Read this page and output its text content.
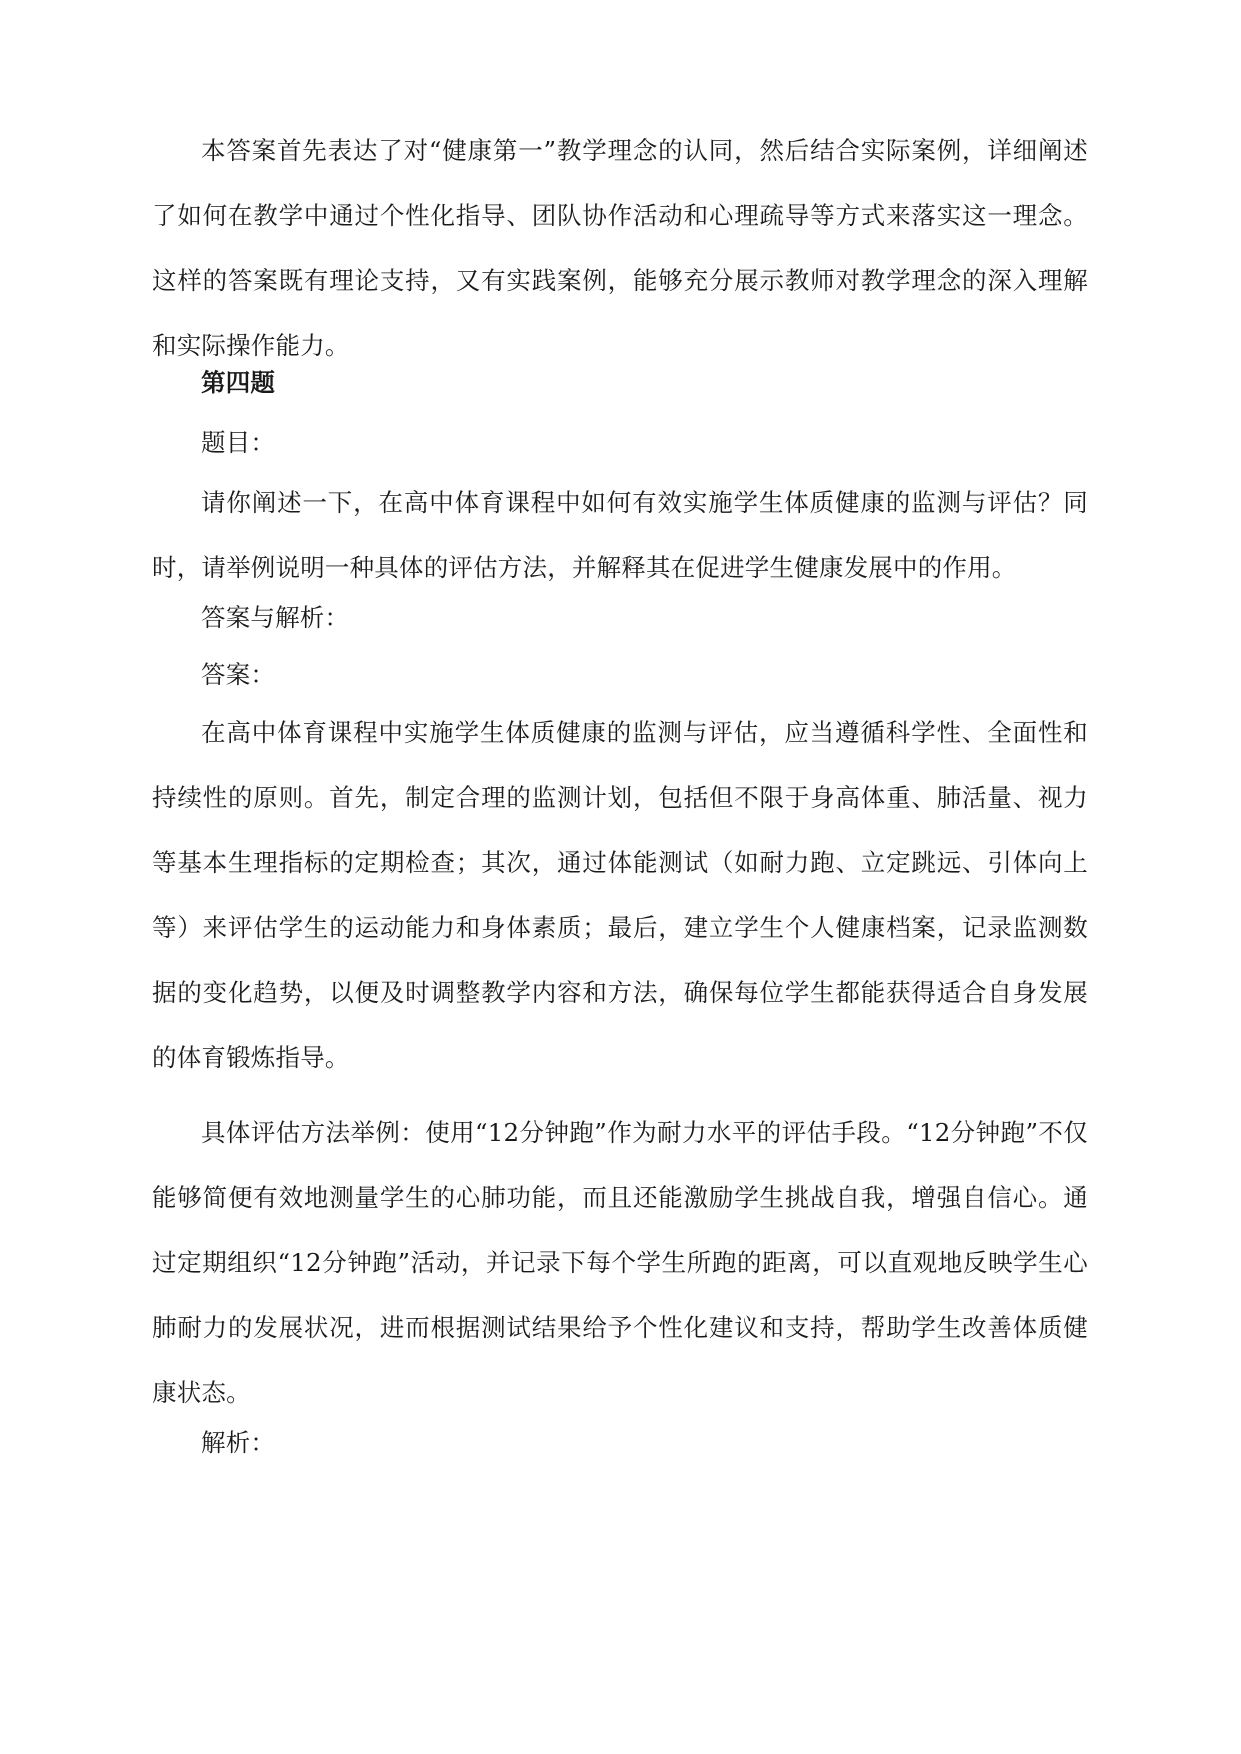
本答案首先表达了对“健康第一”教学理念的认同，然后结合实际案例，详细阐述了如何在教学中通过个性化指导、团队协作活动和心理疏导等方式来落实这一理念。这样的答案既有理论支持，又有实践案例，能够充分展示教师对教学理念的深入理解和实际操作能力。

第四题

题目：

请你阐述一下，在高中体育课程中如何有效实施学生体质健康的监测与评估？同时，请举例说明一种具体的评估方法，并解释其在促进学生健康发展中的作用。

答案与解析：

答案：

在高中体育课程中实施学生体质健康的监测与评估，应当遵循科学性、全面性和持续性的原则。首先，制定合理的监测计划，包括但不限于身高体重、肺活量、视力等基本生理指标的定期检查；其次，通过体能测试（如耐力跑、立定跳远、引体向上等）来评估学生的运动能力和身体素质；最后，建立学生个人健康档案，记录监测数据的变化趋势，以便及时调整教学内容和方法，确保每位学生都能获得适合自身发展的体育锻炼指导。

具体评估方法举例：使用“12分钟跑”作为耐力水平的评估手段。“12分钟跑”不仅能够简便有效地测量学生的心肺功能，而且还能激励学生挑战自我，增强自信心。通过定期组织“12分钟跑”活动，并记录下每个学生所跑的距离，可以直观地反映学生心肺耐力的发展状况，进而根据测试结果给予个性化建议和支持，帮助学生改善体质健康状态。

解析：
